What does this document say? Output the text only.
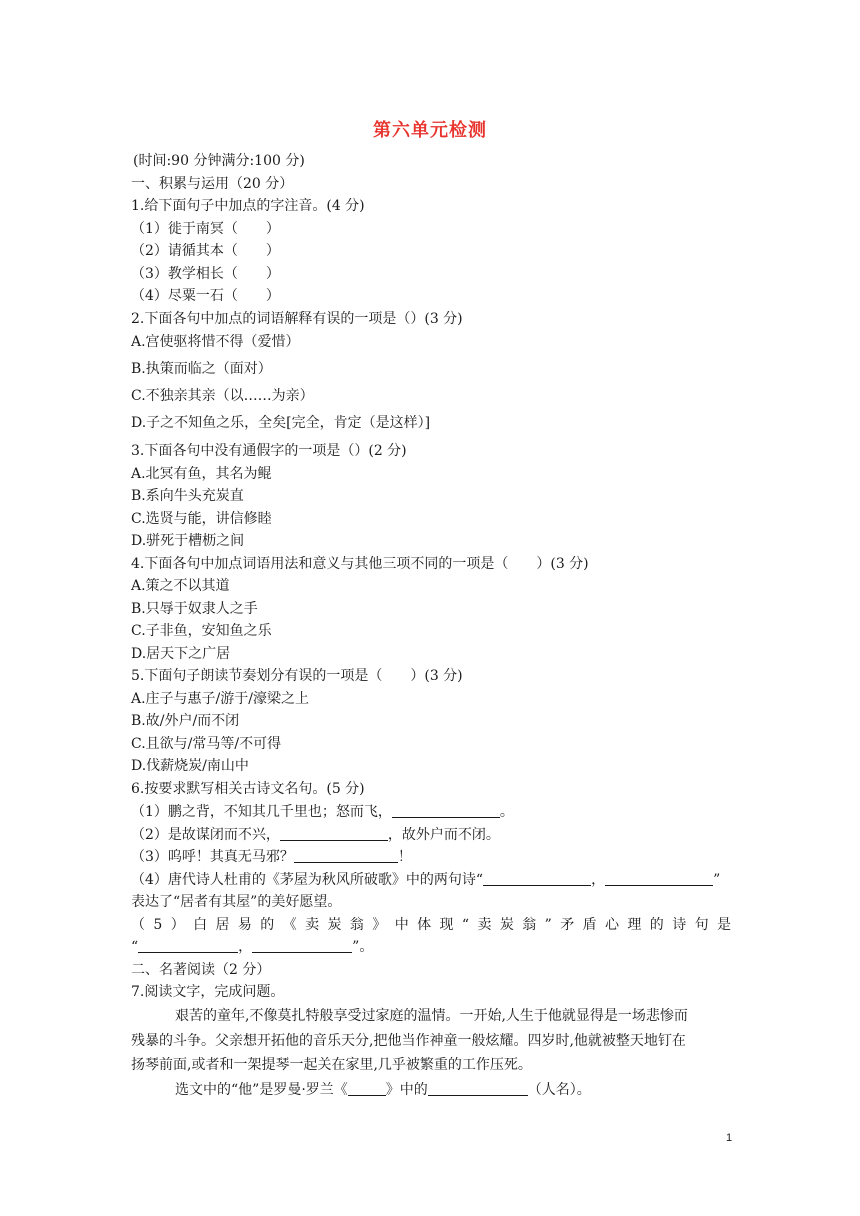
第六单元检测
(时间:90 分钟满分:100 分)
一、积累与运用（20 分）
1.给下面句子中加点的字注音。(4 分)
（1）徙于南冥（　　）
（2）请循其本（　　）
（3）教学相长（　　）
（4）尽粟一石（　　）
2.下面各句中加点的词语解释有误的一项是（）(3 分)
A.宫使驱将惜不得（爱惜）
B.执策而临之（面对）
C.不独亲其亲（以……为亲）
D.子之不知鱼之乐，全矣[完全，肯定（是这样）]
3.下面各句中没有通假字的一项是（）(2 分)
A.北冥有鱼，其名为鲲
B.系向牛头充炭直
C.选贤与能，讲信修睦
D.骈死于槽枥之间
4.下面各句中加点词语用法和意义与其他三项不同的一项是（　　）(3 分)
A.策之不以其道
B.只辱于奴隶人之手
C.子非鱼，安知鱼之乐
D.居天下之广居
5.下面句子朗读节奏划分有误的一项是（　　）(3 分)
A.庄子与惠子/游于/濠梁之上
B.故/外户/而不闭
C.且欲与/常马等/不可得
D.伐薪烧炭/南山中
6.按要求默写相关古诗文名句。(5 分)
（1）鹏之背，不知其几千里也；怒而飞，	。
（2）是故谋闭而不兴，	，故外户而不闭。
（3）呜呼！其真无马邪？	！
（4）唐代诗人杜甫的《茅屋为秋风所破歌》中的两句诗“	，	”
表达了“居者有其屋”的美好愿望。
（5）白居易的《卖炭翁》中体现“卖炭翁”矛盾心理的诗句是
“	，	”。
二、名著阅读（2 分）
7.阅读文字，完成问题。
艰苦的童年,不像莫扎特般享受过家庭的温情。一开始,人生于他就显得是一场悲惨而
残暴的斗争。父亲想开拓他的音乐天分,把他当作神童一般炫耀。四岁时,他就被整天地钉在
扬琴前面,或者和一架提琴一起关在家里,几乎被繁重的工作压死。
选文中的“他”是罗曼·罗兰《	》中的	（人名）。
1
